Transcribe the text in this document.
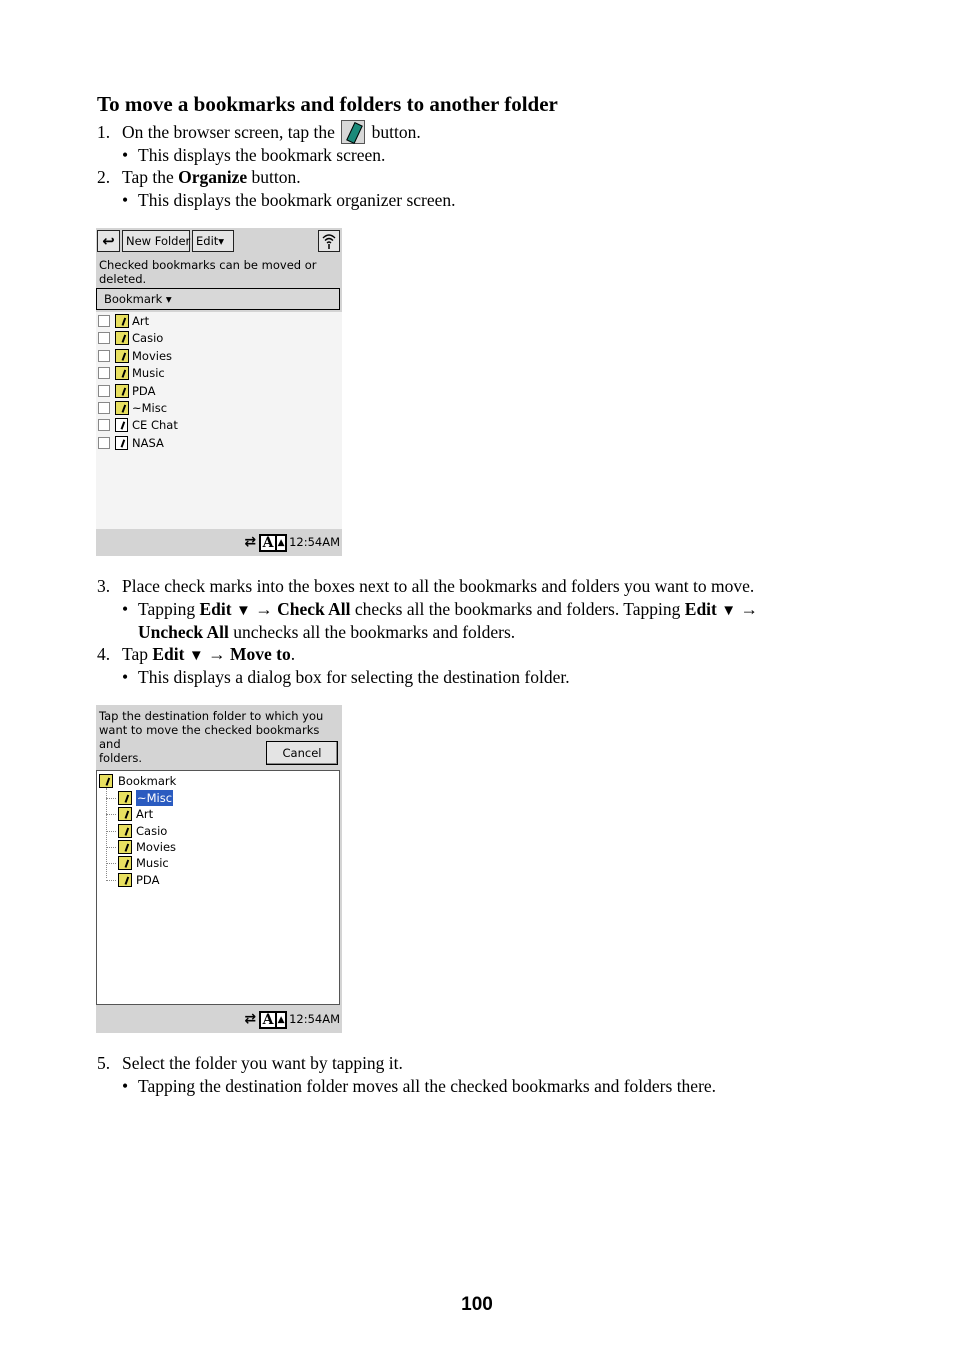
To move a bookmarks and folders to another folder
1. On the browser screen, tap the button.
• This displays the bookmark screen.
2. Tap the Organize button.
• This displays the bookmark organizer screen.
↩ New Folder Edit▾
Checked bookmarks can be moved or
deleted.
Bookmark ▾
Art
Casio
Movies
Music
PDA
~Misc
CE Chat
NASA
⇄ A ▲ 12:54AM
3. Place check marks into the boxes next to all the bookmarks and folders you want to move.
• Tapping Edit ▼ → Check All checks all the bookmarks and folders. Tapping Edit ▼ →
Uncheck All unchecks all the bookmarks and folders.
4. Tap Edit ▼ → Move to.
• This displays a dialog box for selecting the destination folder.
Tap the destination folder to which you
want to move the checked bookmarks and
folders.	Cancel
Bookmark
~Misc
Art
Casio
Movies
Music
PDA
⇄ A ▲ 12:54AM
5. Select the folder you want by tapping it.
• Tapping the destination folder moves all the checked bookmarks and folders there.
100
